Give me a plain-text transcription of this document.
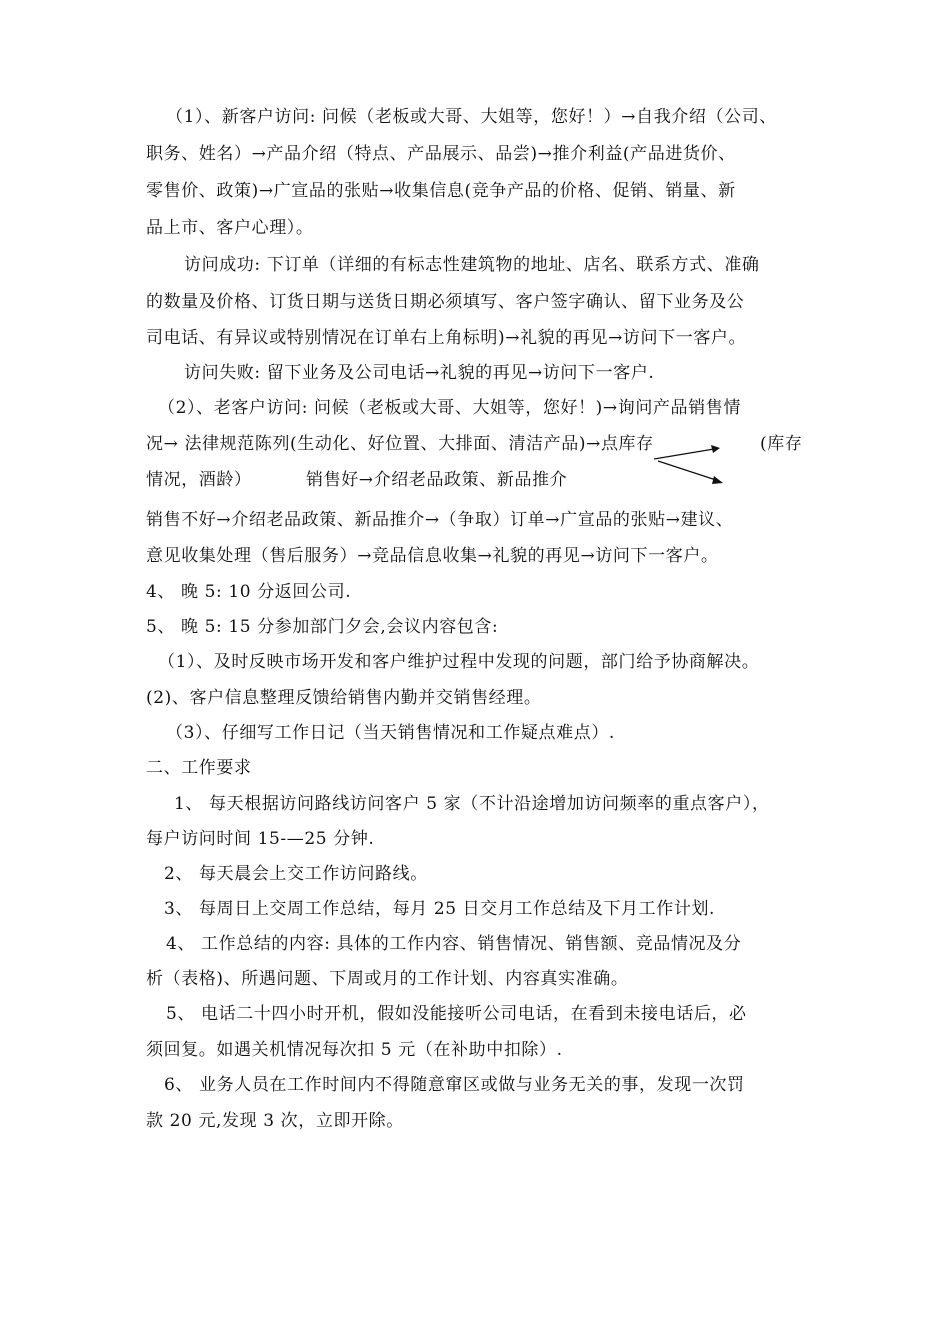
（1）、新客户访问: 问候（老板或大哥、大姐等，您好！）→自我介绍（公司、
职务、姓名）→产品介绍（特点、产品展示、品尝)→推介利益(产品进货价、
零售价、政策)→广宣品的张贴→收集信息(竞争产品的价格、促销、销量、新
品上市、客户心理）。
访问成功: 下订单（详细的有标志性建筑物的地址、店名、联系方式、准确
的数量及价格、订货日期与送货日期必须填写、客户签字确认、留下业务及公
司电话、有异议或特别情况在订单右上角标明)→礼貌的再见→访问下一客户。
访问失败: 留下业务及公司电话→礼貌的再见→访问下一客户.
（2）、老客户访问: 问候（老板或大哥、大姐等，您好！)→询问产品销售情
况→ 法律规范陈列(生动化、好位置、大排面、清洁产品)→点库存	(库存
情况，酒龄）	销售好→介绍老品政策、新品推介
销售不好→介绍老品政策、新品推介→（争取）订单→广宣品的张贴→建议、
意见收集处理（售后服务）→竞品信息收集→礼貌的再见→访问下一客户。
4、 晚 5: 10 分返回公司.
5、 晚 5: 15 分参加部门夕会,会议内容包含:
（1）、及时反映市场开发和客户维护过程中发现的问题，部门给予协商解决。
(2)、客户信息整理反馈给销售内勤并交销售经理。
（3）、仔细写工作日记（当天销售情况和工作疑点难点）.
二、工作要求
1、 每天根据访问路线访问客户 5 家（不计沿途增加访问频率的重点客户），
每户访问时间 15-—25 分钟.
2、 每天晨会上交工作访问路线。
3、 每周日上交周工作总结，每月 25 日交月工作总结及下月工作计划.
4、 工作总结的内容: 具体的工作内容、销售情况、销售额、竞品情况及分
析（表格)、所遇问题、下周或月的工作计划、内容真实准确。
5、 电话二十四小时开机，假如没能接听公司电话，在看到未接电话后，必
须回复。如遇关机情况每次扣 5 元（在补助中扣除）.
6、 业务人员在工作时间内不得随意窜区或做与业务无关的事，发现一次罚
款 20 元,发现 3 次，立即开除。
